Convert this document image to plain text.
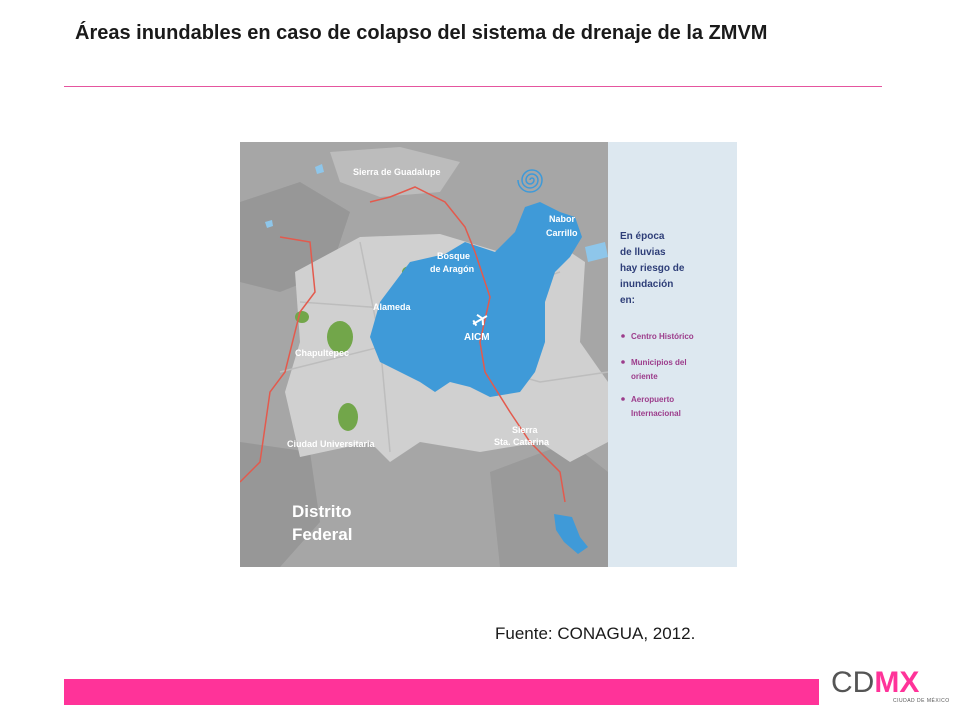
Áreas inundables en caso de colapso del sistema de drenaje de la ZMVM
Sierra de Guadalupe
Nabor
Carrillo
Bosque
de Aragón
Alameda
AICM
Chapultepec
Ciudad Universitaria
Sierra
Sta. Catarina
Distrito
Federal
En época
de lluvias
hay riesgo de
inundación
en:
Centro Histórico
Municipios del
oriente
Aeropuerto
Internacional
Fuente: CONAGUA, 2012.
CDMX
CIUDAD DE MÉXICO
